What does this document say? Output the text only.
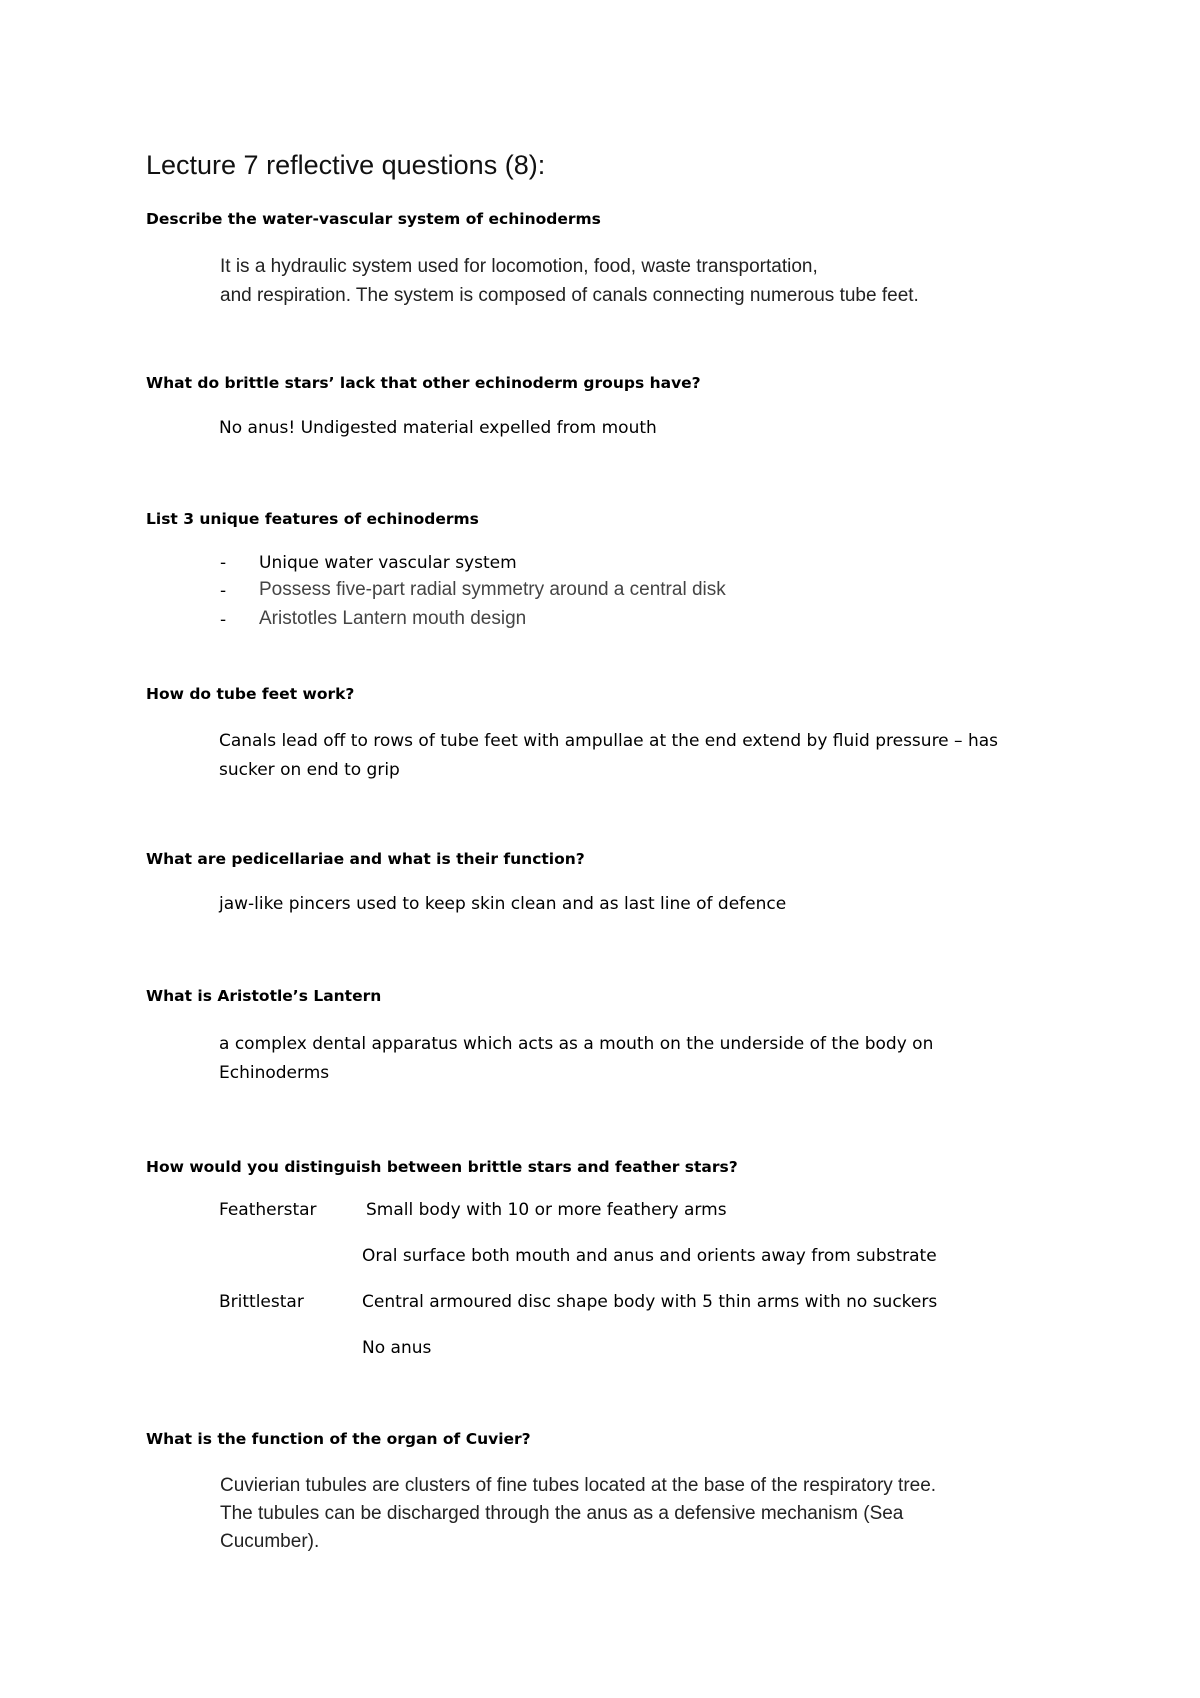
Lecture 7 reflective questions (8):
Describe the water-vascular system of echinoderms
It is a hydraulic system used for locomotion, food, waste transportation,
and respiration. The system is composed of canals connecting numerous tube feet.
What do brittle stars’ lack that other echinoderm groups have?
No anus! Undigested material expelled from mouth
List 3 unique features of echinoderms
- Unique water vascular system
- Possess five-part radial symmetry around a central disk
- Aristotles Lantern mouth design
How do tube feet work?
Canals lead off to rows of tube feet with ampullae at the end extend by fluid pressure – has
sucker on end to grip
What are pedicellariae and what is their function?
jaw-like pincers used to keep skin clean and as last line of defence
What is Aristotle’s Lantern
a complex dental apparatus which acts as a mouth on the underside of the body on
Echinoderms
How would you distinguish between brittle stars and feather stars?
Featherstar	Small body with 10 or more feathery arms
Oral surface both mouth and anus and orients away from substrate
Brittlestar	Central armoured disc shape body with 5 thin arms with no suckers
No anus
What is the function of the organ of Cuvier?
Cuvierian tubules are clusters of fine tubes located at the base of the respiratory tree.
The tubules can be discharged through the anus as a defensive mechanism (Sea
Cucumber).
